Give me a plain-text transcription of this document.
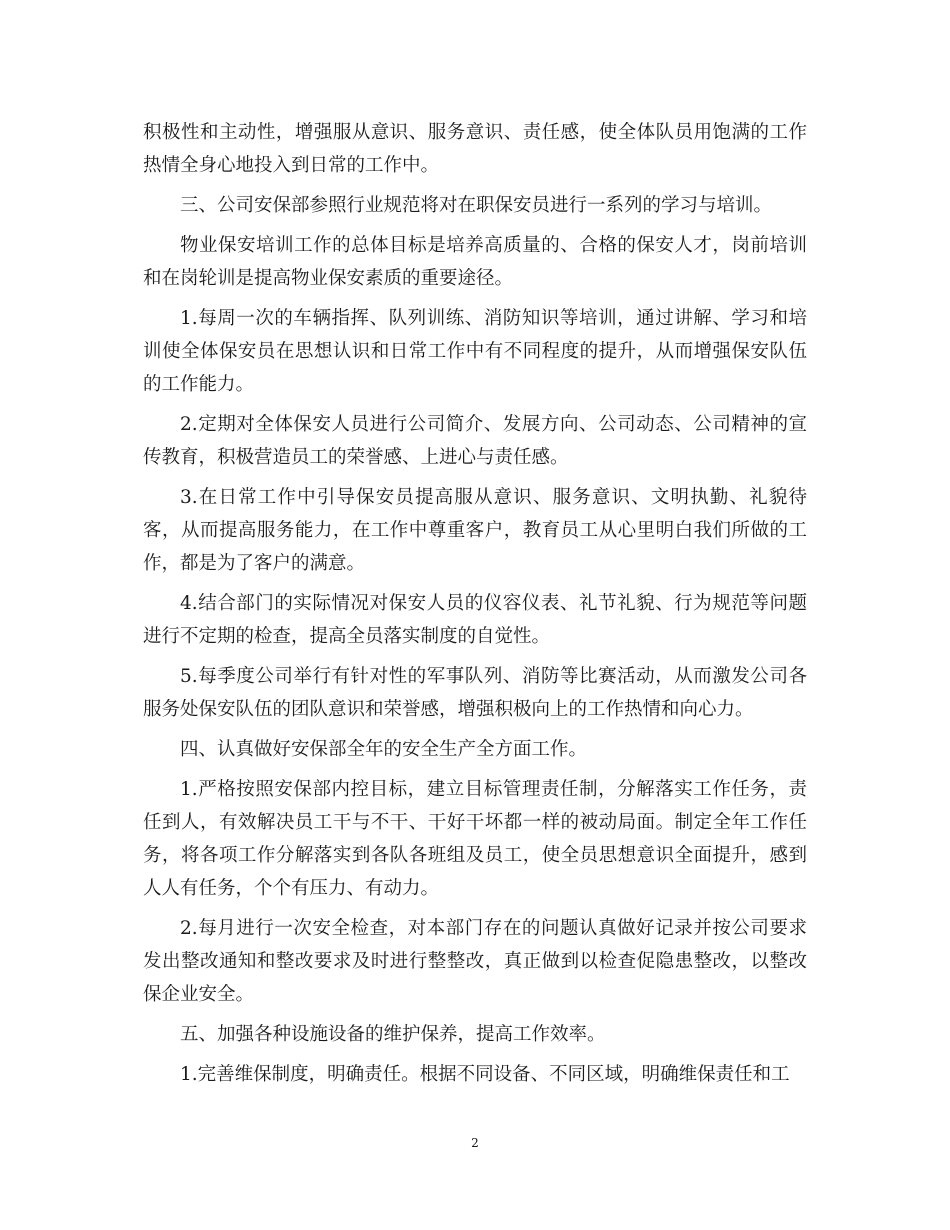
积极性和主动性，增强服从意识、服务意识、责任感，使全体队员用饱满的工作热情全身心地投入到日常的工作中。

三、公司安保部参照行业规范将对在职保安员进行一系列的学习与培训。

物业保安培训工作的总体目标是培养高质量的、合格的保安人才，岗前培训和在岗轮训是提高物业保安素质的重要途径。

1.每周一次的车辆指挥、队列训练、消防知识等培训，通过讲解、学习和培训使全体保安员在思想认识和日常工作中有不同程度的提升，从而增强保安队伍的工作能力。

2.定期对全体保安人员进行公司简介、发展方向、公司动态、公司精神的宣传教育，积极营造员工的荣誉感、上进心与责任感。

3.在日常工作中引导保安员提高服从意识、服务意识、文明执勤、礼貌待客，从而提高服务能力，在工作中尊重客户，教育员工从心里明白我们所做的工作，都是为了客户的满意。

4.结合部门的实际情况对保安人员的仪容仪表、礼节礼貌、行为规范等问题进行不定期的检查，提高全员落实制度的自觉性。

5.每季度公司举行有针对性的军事队列、消防等比赛活动，从而激发公司各服务处保安队伍的团队意识和荣誉感，增强积极向上的工作热情和向心力。

四、认真做好安保部全年的安全生产全方面工作。

1.严格按照安保部内控目标，建立目标管理责任制，分解落实工作任务，责任到人，有效解决员工干与不干、干好干坏都一样的被动局面。制定全年工作任务，将各项工作分解落实到各队各班组及员工，使全员思想意识全面提升，感到人人有任务，个个有压力、有动力。

2.每月进行一次安全检查，对本部门存在的问题认真做好记录并按公司要求发出整改通知和整改要求及时进行整整改，真正做到以检查促隐患整改，以整改保企业安全。

五、加强各种设施设备的维护保养，提高工作效率。

1.完善维保制度，明确责任。根据不同设备、不同区域，明确维保责任和工

2
